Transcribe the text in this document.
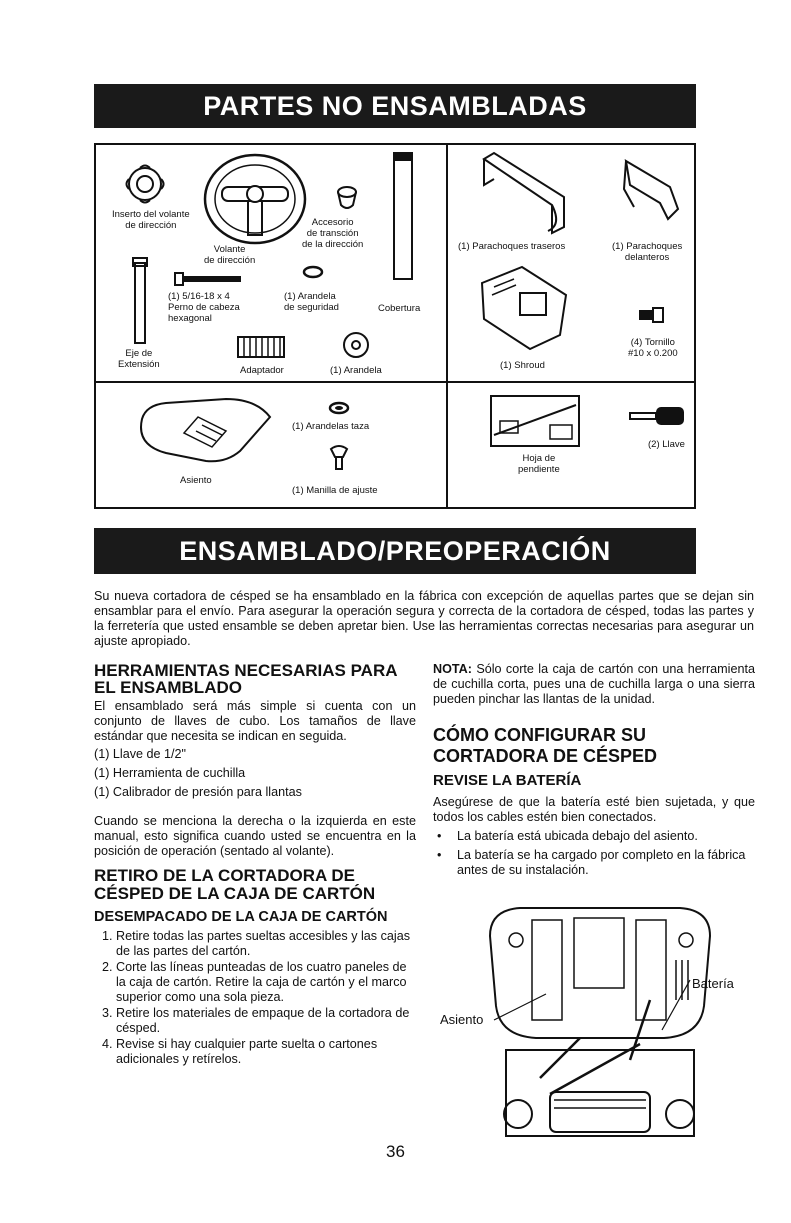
PARTES NO ENSAMBLADAS
Inserto del volante
de dirección
Volante
de dirección
Accesorio
de transción
de la dirección
Cobertura
Eje de
Extensión
(1) 5/16-18 x 4
Perno de cabeza
hexagonal
(1) Arandela
de seguridad
Adaptador	(1) Arandela
(1) Parachoques traseros	(1) Parachoques
delanteros
(1) Shroud
(4) Tornillo
#10 x 0.200
Asiento
(1) Arandelas taza
(1) Manilla de ajuste
Hoja de
pendiente
(2) Llave
ENSAMBLADO/PREOPERACIÓN
Su nueva cortadora de césped se ha ensamblado en la fábrica con excepción de aquellas partes que se dejan sin ensamblar para el envío. Para asegurar la operación segura y correcta de la cortadora de césped, todas las partes y la ferretería que usted ensamble se deben apretar bien. Use las herramientas correctas necesarias para asegurar un ajuste apropiado.
HERRAMIENTAS NECESARIAS PARA EL ENSAMBLADO

El ensamblado será más simple si cuenta con un conjunto de llaves de cubo. Los tamaños de llave estándar que necesita se indican en seguida.

(1) Llave de 1/2"
(1) Herramienta de cuchilla
(1) Calibrador de presión para llantas

Cuando se menciona la derecha o la izquierda en este manual, esto significa cuando usted se encuentra en la posición de operación (sentado al volante).

RETIRO DE LA CORTADORA DE CÉSPED DE LA CAJA DE CARTÓN
DESEMPACADO DE LA CAJA DE CARTÓN
1. Retire todas las partes sueltas accesibles y las cajas de las partes del cartón.
2. Corte las líneas punteadas de los cuatro paneles de la caja de cartón. Retire la caja de cartón y el marco superior como una sola pieza.
3. Retire los materiales de empaque de la cortadora de césped.
4. Revise si hay cualquier parte suelta o cartones adicionales y retírelos.

NOTA: Sólo corte la caja de cartón con una herramienta de cuchilla corta, pues una de cuchilla larga o una sierra pueden pinchar las llantas de la unidad.

CÓMO CONFIGURAR SU CORTADORA DE CÉSPED
REVISE LA BATERÍA

Asegúrese de que la batería esté bien sujetada, y que todos los cables estén bien conectados.

• La batería está ubicada debajo del asiento.
• La batería se ha cargado por completo en la fábrica antes de su instalación.
Asiento
Batería
36
